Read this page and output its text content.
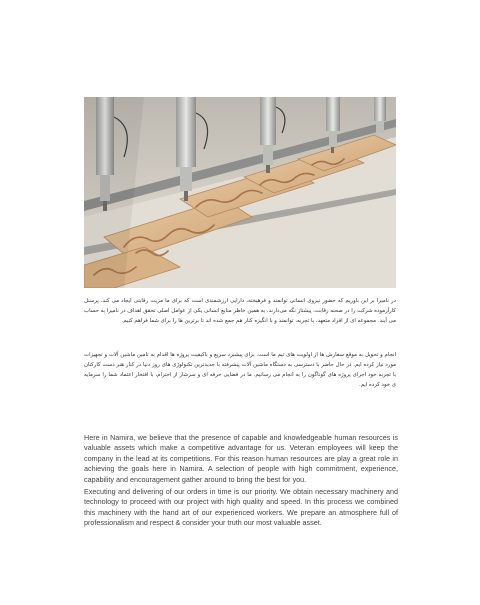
در نامیرا بر این باوریم که حضور نیروی انسانی توانمند و فرهیخته، دارایی ارزشمندی است که برای ما مزیت رقابتی ایجاد می کند. پرسنل کارآزموده شرکت را در صحنه رقابت، پیشتاز نگه می‌دارند. به همین خاطر منابع انسانی یکی از عوامل اصلی تحقق اهداف در نامیرا به حساب می آیند. مجموعه ای از افراد متعهد، با تجربه، توانمند و با انگیزه کنار هم جمع شده اند تا برترین ها را برای شما فراهم کنیم.

انجام و تحویل به موقع سفارش ها از اولویت های تیم ما است. برای پیشبرد سریع و باکیفیت پروژه ها اقدام به تامین ماشین آلات و تجهیزات مورد نیاز کرده ایم. در حال حاضر با دسترسی به دستگاه ماشین آلات پیشرفته با جدیدترین تکنولوژی های روز دنیا در کنار هنر دست کارکنان با تجربه خود اجرای پروژه های گوناگون را به انجام می رسانیم. ما در فضایی حرفه ای و سرشار از احترام، با افتخار اعتماد شما را سرمایه ی خود کرده ایم.

Here in Namira, we believe that the presence of capable and knowledgeable human resources is valuable assets which make a competitive advantage for us. Veteran employees will keep the company in the lead at its competitions. For this reason human resources are play a great role in achieving the goals here in Namira. A selection of people with high commitment, experience, capability and encouragement gather around to bring the best for you.

Executing and delivering of our orders in time is our priority. We obtain necessary machinery and technology to proceed with our project with high quality and speed. In this process we combined this machinery with the hand art of our experienced workers. We prepare an atmosphere full of professionalism and respect & consider your truth our most valuable asset.
